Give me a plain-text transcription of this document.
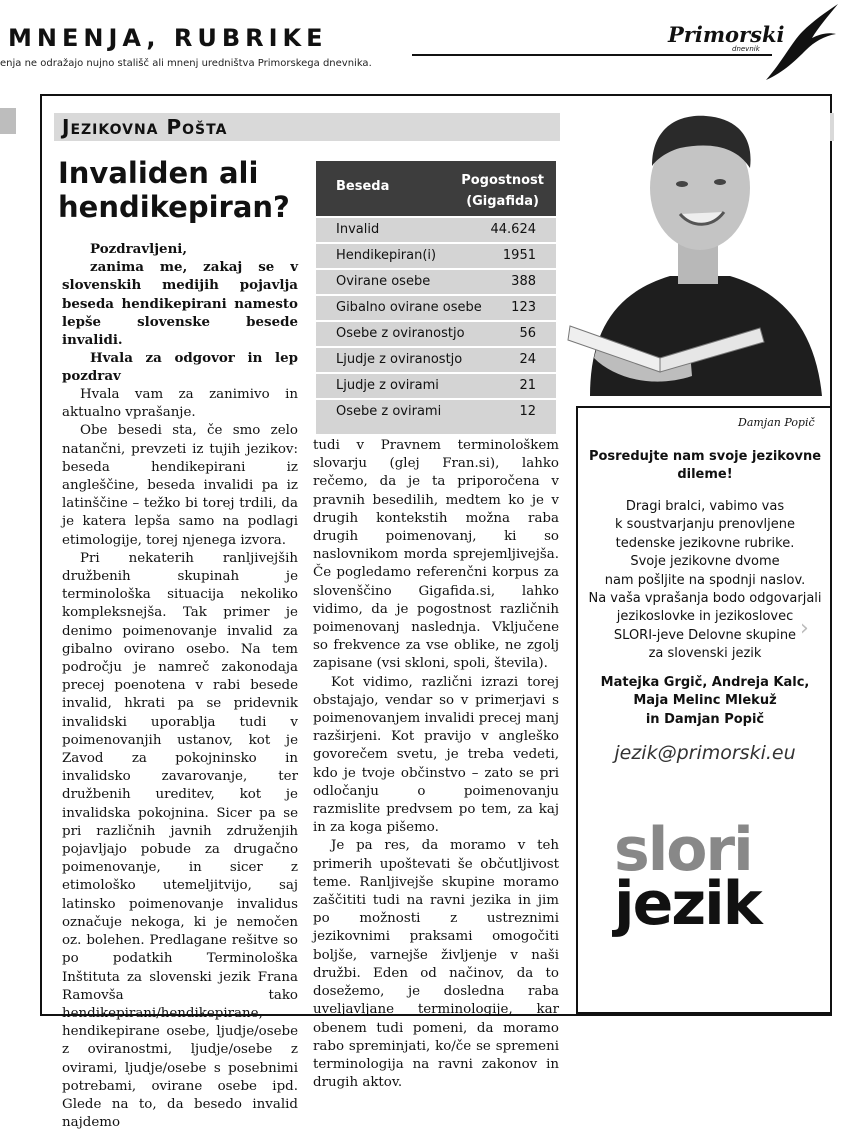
MNENJA, RUBRIKE
enja ne odražajo nujno stališč ali mnenj uredništva Primorskega dnevnika.
Primorski
dnevnik
Jezikovna Pošta
Invaliden ali hendikepiran?

Pozdravljeni,

zanima me, zakaj se v slovenskih medijih pojavlja beseda hendikepirani namesto lepše slovenske besede invalidi.

Hvala za odgovor in lep pozdrav

Hvala vam za zanimivo in aktualno vprašanje.

Obe besedi sta, če smo zelo natančni, prevzeti iz tujih jezikov: beseda hendikepirani iz angleščine, beseda invalidi pa iz latinščine – težko bi torej trdili, da je katera lepša samo na podlagi etimologije, torej njenega izvora.

Pri nekaterih ranljivejših družbenih skupinah je terminološka situacija nekoliko kompleksnejša. Tak primer je denimo poimenovanje invalid za gibalno ovirano osebo. Na tem področju je namreč zakonodaja precej poenotena v rabi besede invalid, hkrati pa se pridevnik invalidski uporablja tudi v poimenovanjih ustanov, kot je Zavod za pokojninsko in invalidsko zavarovanje, ter družbenih ureditev, kot je invalidska pokojnina. Sicer pa se pri različnih javnih združenjih pojavljajo pobude za drugačno poimenovanje, in sicer z etimološko utemeljitvijo, saj latinsko poimenovanje invalidus označuje nekoga, ki je nemočen oz. bolehen. Predlagane rešitve so po podatkih Terminološka Inštituta za slovenski jezik Frana Ramovša tako hendikepirani/hendikepirane, hendikepirane osebe, ljudje/osebe z oviranostmi, ljudje/osebe z ovirami, ljudje/osebe s posebnimi potrebami, ovirane osebe ipd. Glede na to, da besedo invalid najdemo

tudi v Pravnem terminološkem slovarju (glej Fran.si), lahko rečemo, da je ta priporočena v pravnih besedilih, medtem ko je v drugih kontekstih možna raba drugih poimenovanj, ki so naslovnikom morda sprejemljivejša. Če pogledamo referenčni korpus za slovenščino Gigafida.si, lahko vidimo, da je pogostnost različnih poimenovanj naslednja. Vključene so frekvence za vse oblike, ne zgolj zapisane (vsi skloni, spoli, števila).

Kot vidimo, različni izrazi torej obstajajo, vendar so v primerjavi s poimenovanjem invalidi precej manj razširjeni. Kot pravijo v angleško govorečem svetu, je treba vedeti, kdo je tvoje občinstvo – zato se pri odločanju o poimenovanju razmislite predvsem po tem, za kaj in za koga pišemo.

Je pa res, da moramo v teh primerih upoštevati še občutljivost teme. Ranljivejše skupine moramo zaščititi tudi na ravni jezika in jim po možnosti z ustreznimi jezikovnimi praksami omogočiti boljše, varnejše življenje v naši družbi. Eden od načinov, da to dosežemo, je dosledna raba uveljavljane terminologije, kar obenem tudi pomeni, da moramo rabo spreminjati, ko/če se spremeni terminologija na ravni zakonov in drugih aktov.

Beseda	Pogostnost
(Gigafida)
Invalid	44.624
Hendikepiran(i)	1951
Ovirane osebe	388
Gibalno ovirane osebe 123
Osebe z oviranostjo	56
Ljudje z oviranostjo	24
Ljudje z ovirami	21
Osebe z ovirami	12
Damjan Popič
Posredujte nam svoje jezikovne dileme!
Dragi bralci, vabimo vas
k soustvarjanju prenovljene
tedenske jezikovne rubrike.
Svoje jezikovne dvome
nam pošljite na spodnji naslov.
Na vaša vprašanja bodo odgovarjali
jezikoslovke in jezikoslovec
SLORI-jeve Delovne skupine
za slovenski jezik
Matejka Grgič, Andreja Kalc,
Maja Melinc Mlekuž
in Damjan Popič
›
jezik@primorski.eu
slori
jezik
